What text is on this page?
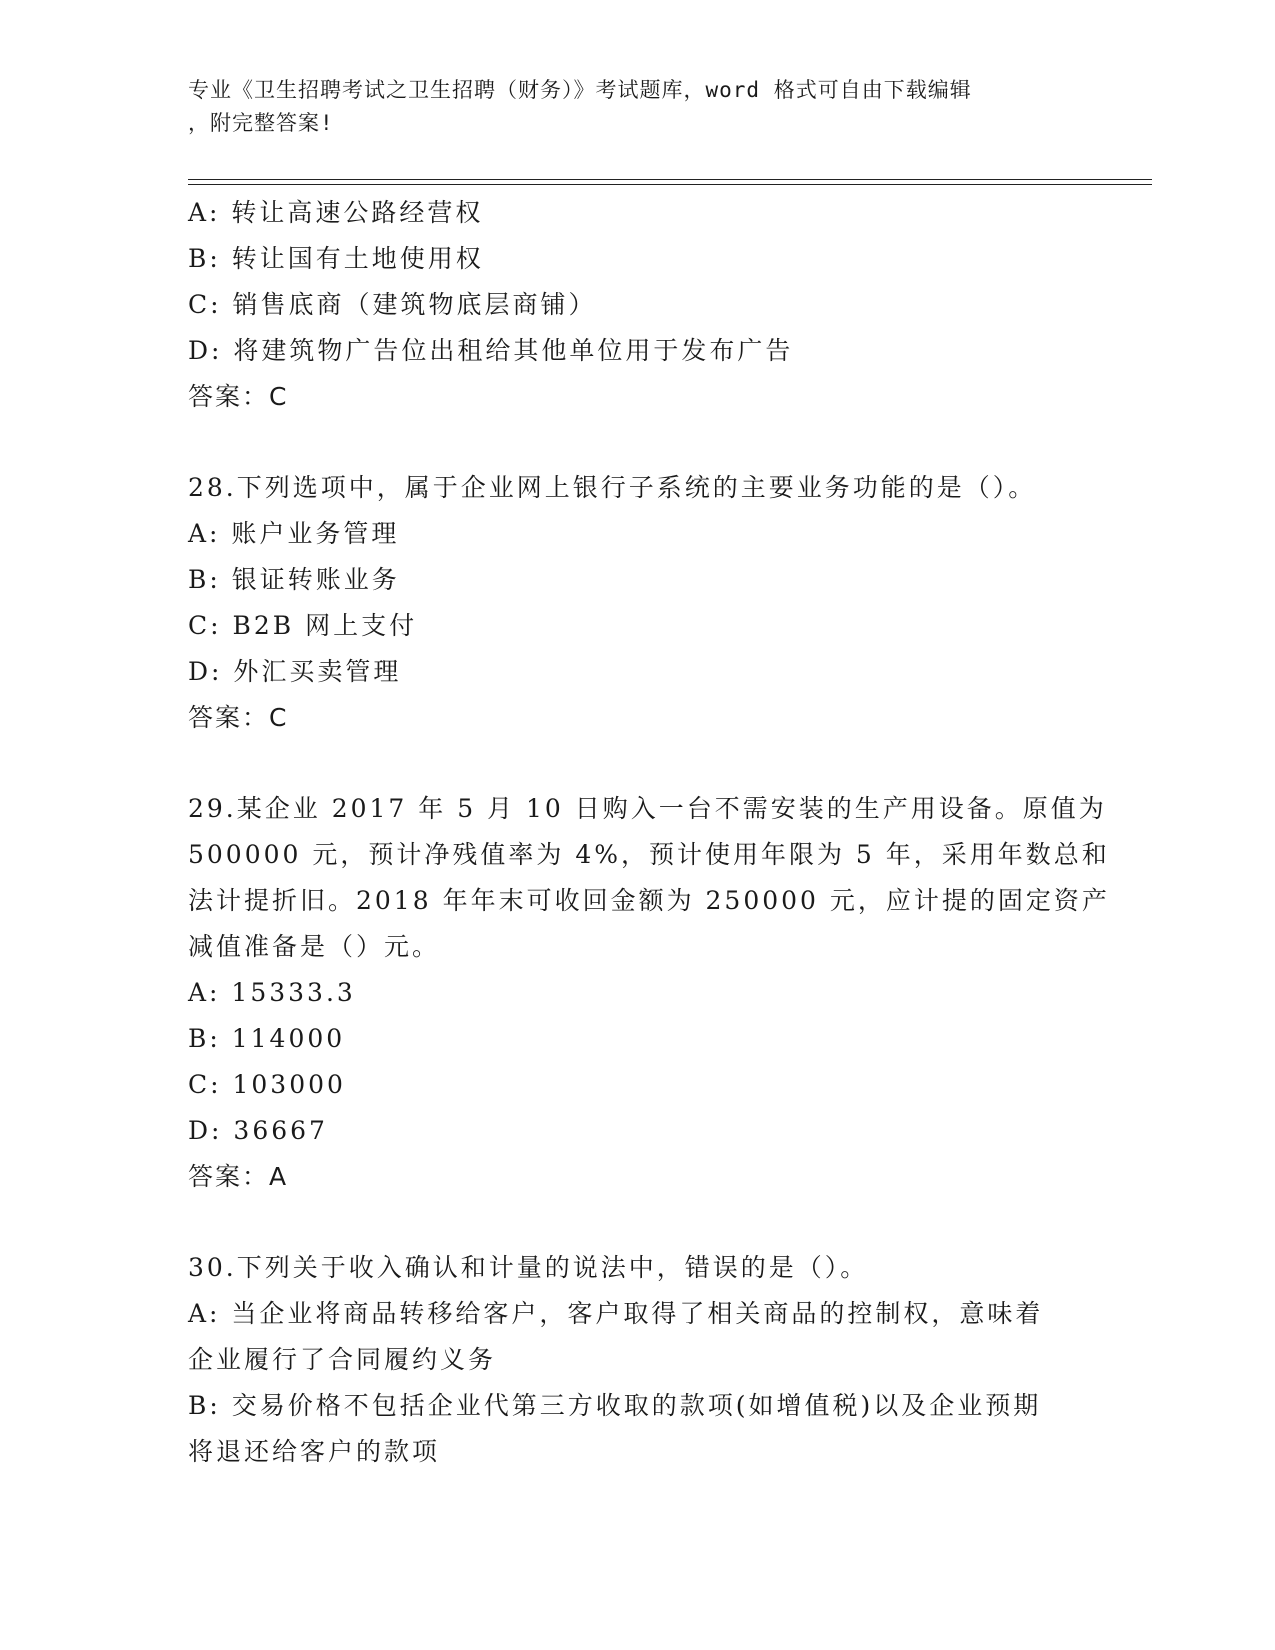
专业《卫生招聘考试之卫生招聘（财务）》考试题库，word 格式可自由下载编辑
，附完整答案!
A: 转让高速公路经营权
B: 转让国有土地使用权
C: 销售底商（建筑物底层商铺）
D: 将建筑物广告位出租给其他单位用于发布广告
答案：C
28.下列选项中，属于企业网上银行子系统的主要业务功能的是（）。
A: 账户业务管理
B: 银证转账业务
C: B2B 网上支付
D: 外汇买卖管理
答案：C
29.某企业 2017 年 5 月 10 日购入一台不需安装的生产用设备。原值为
500000 元，预计净残值率为 4%，预计使用年限为 5 年，采用年数总和
法计提折旧。2018 年年末可收回金额为 250000 元，应计提的固定资产
减值准备是（）元。
A: 15333.3
B: 114000
C: 103000
D: 36667
答案：A
30.下列关于收入确认和计量的说法中，错误的是（）。
A: 当企业将商品转移给客户，客户取得了相关商品的控制权，意味着
企业履行了合同履约义务
B: 交易价格不包括企业代第三方收取的款项(如增值税)以及企业预期
将退还给客户的款项
